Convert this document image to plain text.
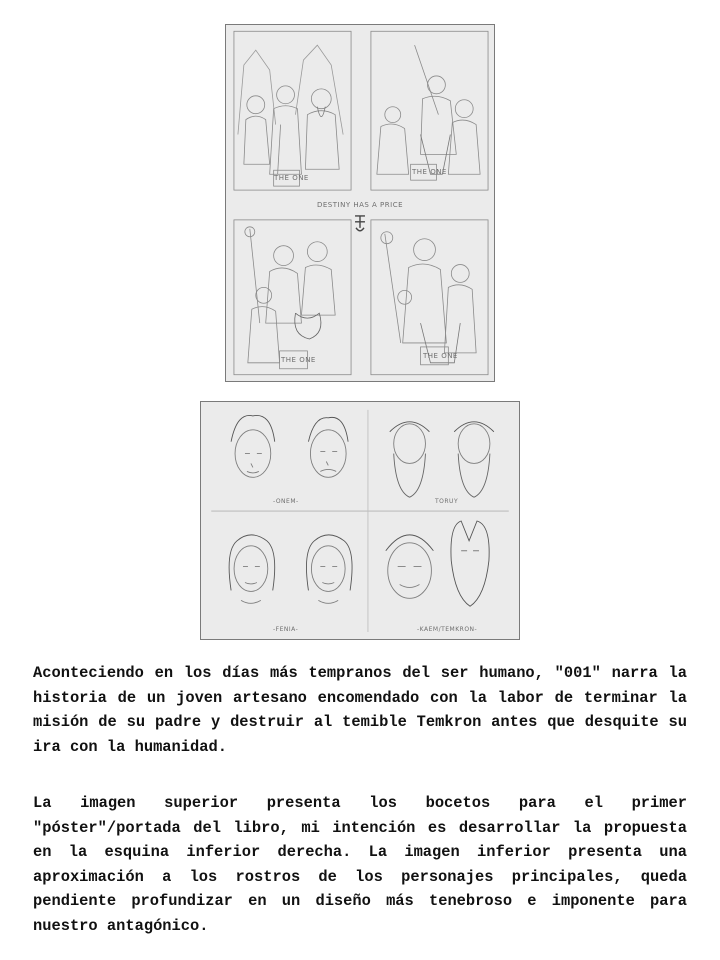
DESTINY HAS A PRICE
THE ONE
THE ONE
THE ONE	THE ONE
-ONEM-	TORUY
-FENIA-	-KAEM/TEMKRON-

Aconteciendo en los días más tempranos del ser humano, "001" narra la historia de un joven artesano encomendado con la labor de terminar la misión de su padre y destruir al temible Temkron antes que desquite su ira con la humanidad.

La imagen superior presenta los bocetos para el primer "póster"/portada del libro, mi intención es desarrollar la propuesta en la esquina inferior derecha. La imagen inferior presenta una aproximación a los rostros de los personajes principales, queda pendiente profundizar en un diseño más tenebroso e imponente para nuestro antagónico.
